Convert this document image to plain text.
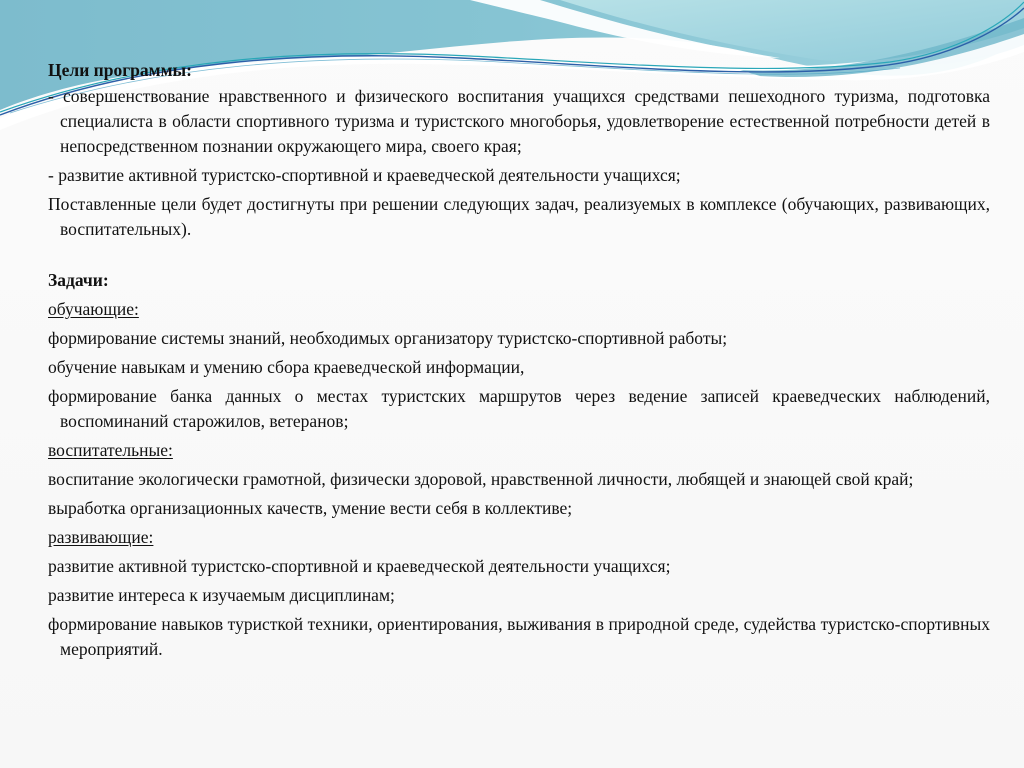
Цели программы:

- совершенствование нравственного и физического воспитания учащихся средствами пешеходного туризма, подготовка специалиста в области спортивного туризма и туристского многоборья, удовлетворение естественной потребности детей в непосредственном познании окружающего мира, своего края;

- развитие активной туристско-спортивной и краеведческой деятельности учащихся;

Поставленные цели будет достигнуты при решении следующих задач, реализуемых в комплексе (обучающих, развивающих, воспитательных).

Задачи:

обучающие:

формирование системы знаний, необходимых организатору туристско-спортивной работы;

обучение навыкам и умению сбора краеведческой информации,

формирование банка данных о местах туристских маршрутов через ведение записей краеведческих наблюдений, воспоминаний старожилов, ветеранов;

воспитательные:

воспитание экологически грамотной, физически здоровой, нравственной личности, любящей и знающей свой край;

выработка организационных качеств, умение вести себя в коллективе;

развивающие:

развитие активной туристско-спортивной и краеведческой деятельности учащихся;

развитие интереса к изучаемым дисциплинам;

формирование навыков туристкой техники, ориентирования, выживания в природной среде, судейства туристско-спортивных мероприятий.
